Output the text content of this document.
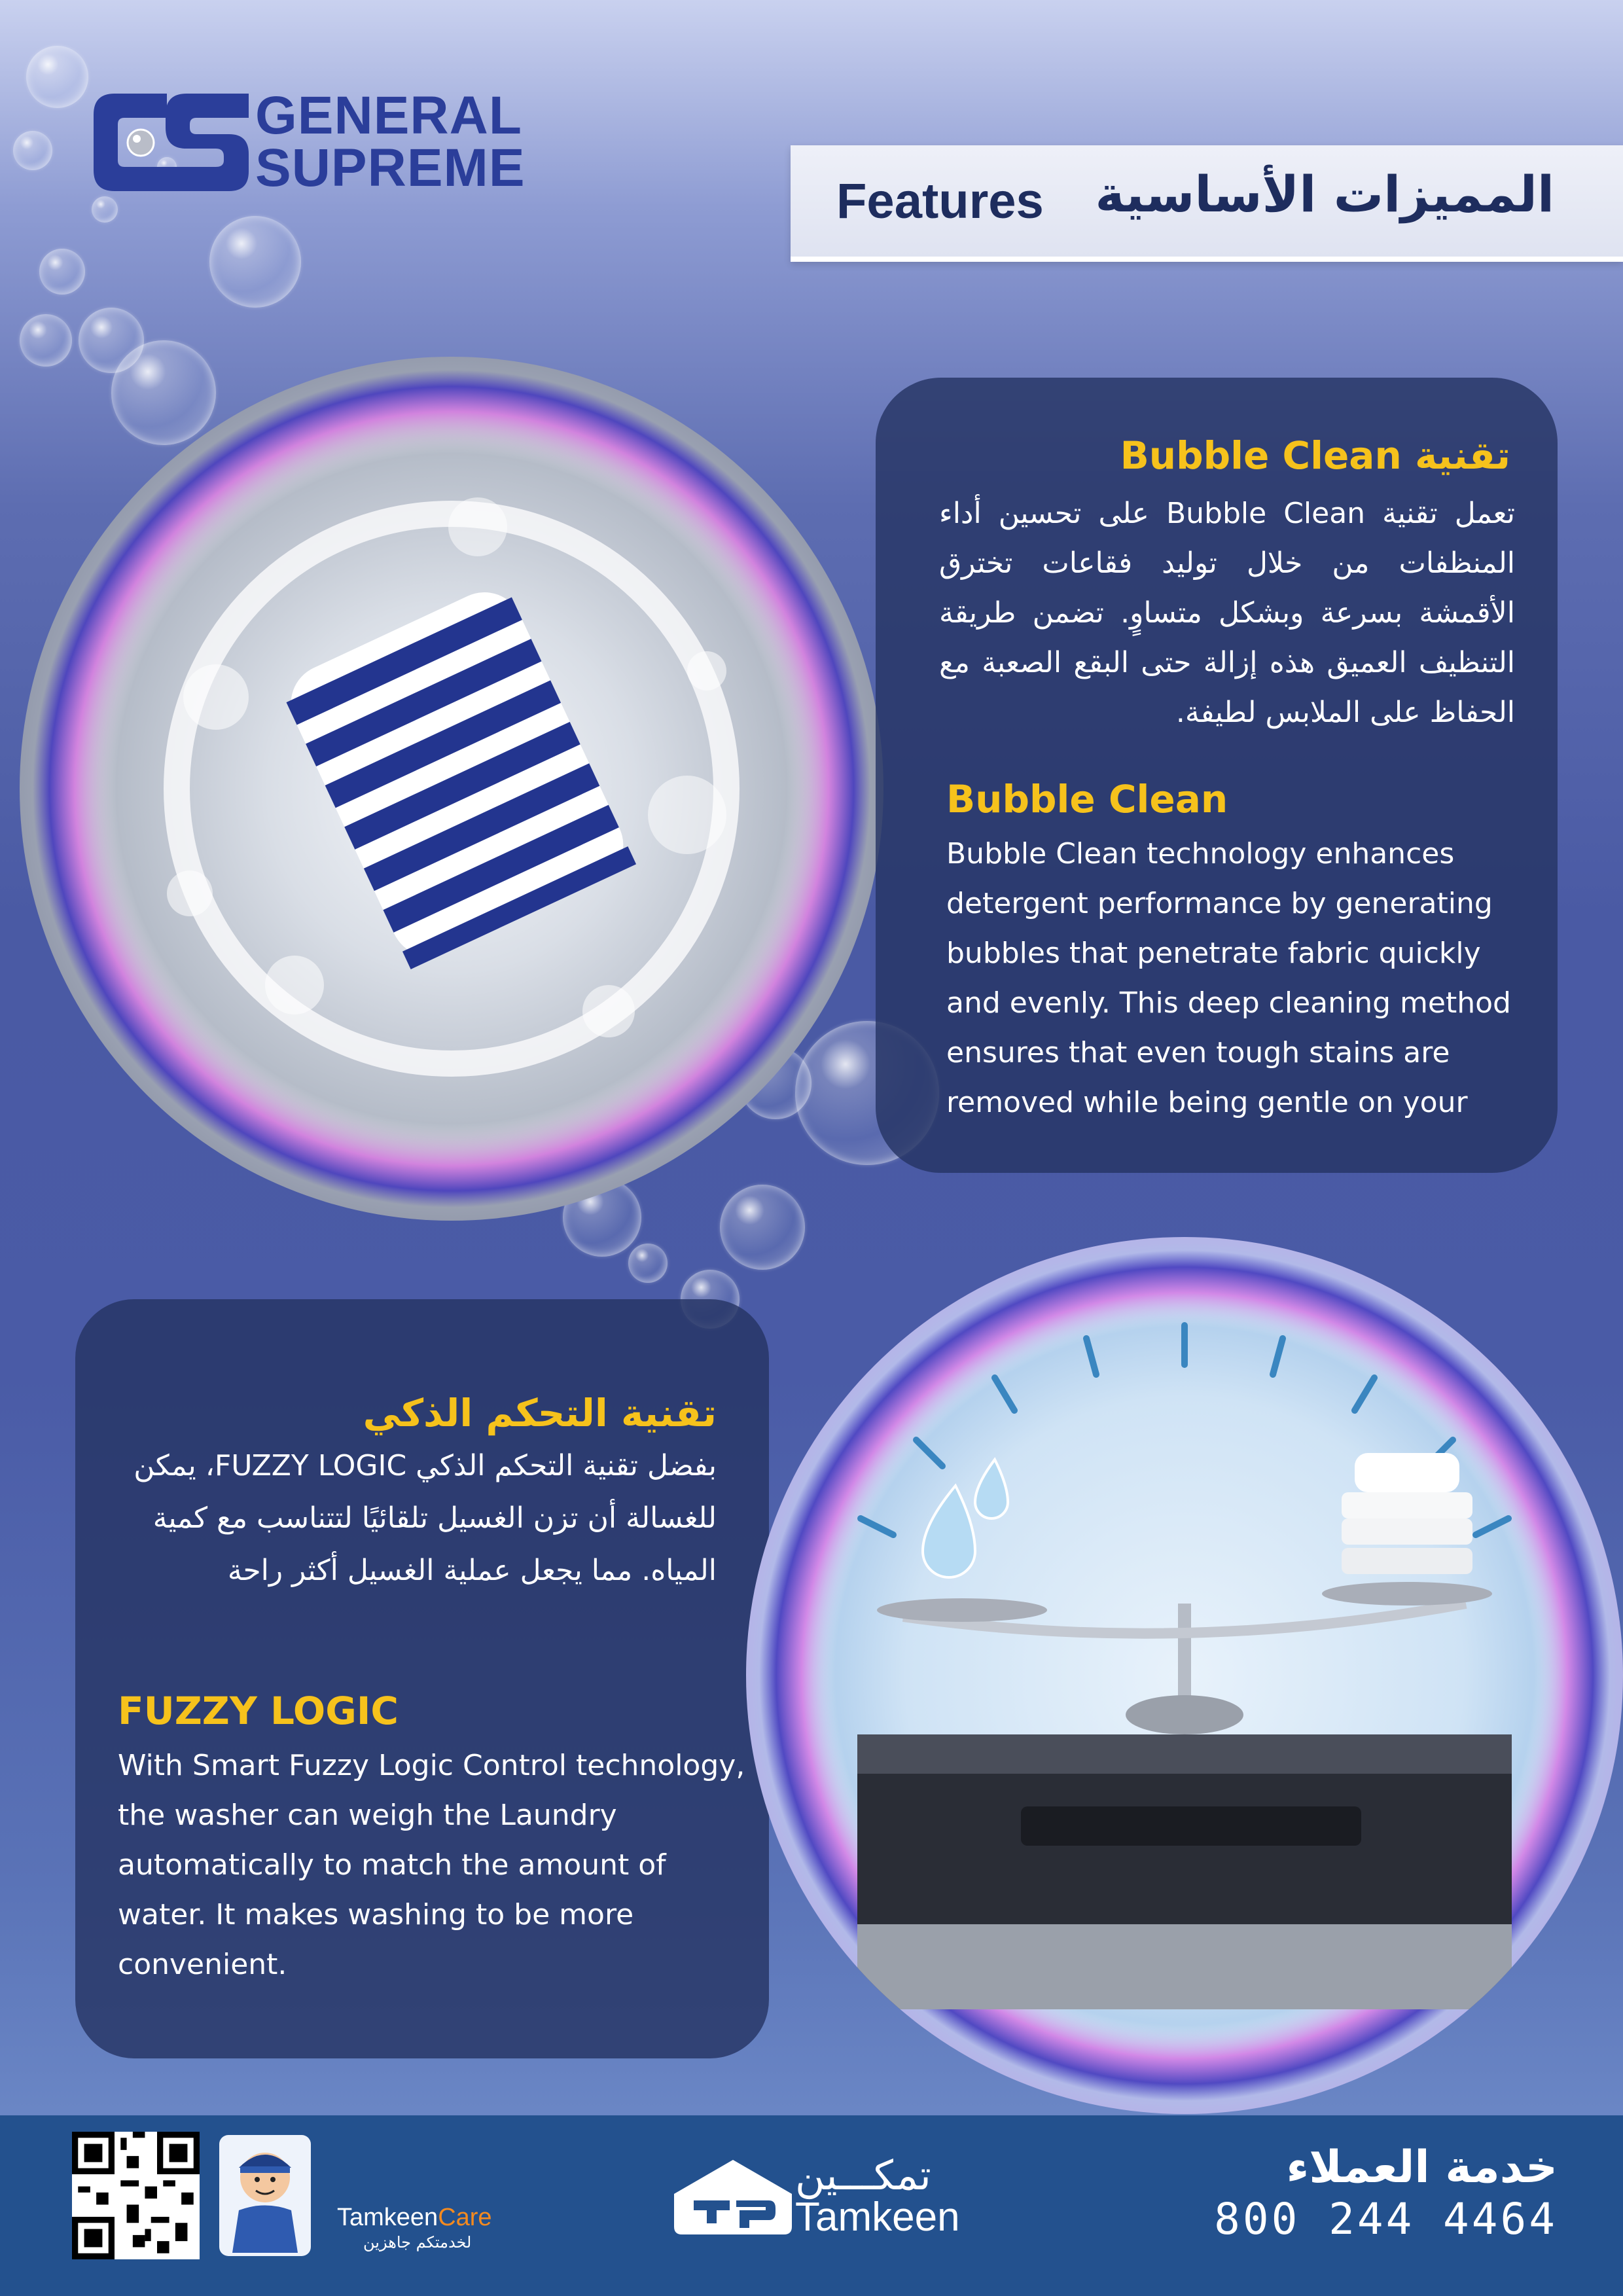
GENERAL
SUPREME
Features المميزات الأساسية
تقنية Bubble Clean
تعمل تقنية Bubble Clean على تحسين أداء المنظفات من خلال توليد فقاعات تخترق الأقمشة بسرعة وبشكل متساوٍ. تضمن طريقة التنظيف العميق هذه إزالة حتى البقع الصعبة مع الحفاظ على الملابس لطيفة.
Bubble Clean
Bubble Clean technology enhances detergent performance by generating bubbles that penetrate fabric quickly and evenly. This deep cleaning method ensures that even tough stains are removed while being gentle on your
تقنية التحكم الذكي
بفضل تقنية التحكم الذكي FUZZY LOGIC، يمكن للغسالة أن تزن الغسيل تلقائيًا لتتناسب مع كمية المياه. مما يجعل عملية الغسيل أكثر راحة
FUZZY LOGIC
With Smart Fuzzy Logic Control technology, the washer can weigh the Laundry automatically to match the amount of water. It makes washing to be more convenient.
TamkeenCare
لخدمتكم جاهزين
تمكـــين
Tamkeen
خدمة العملاء
800 244 4464
